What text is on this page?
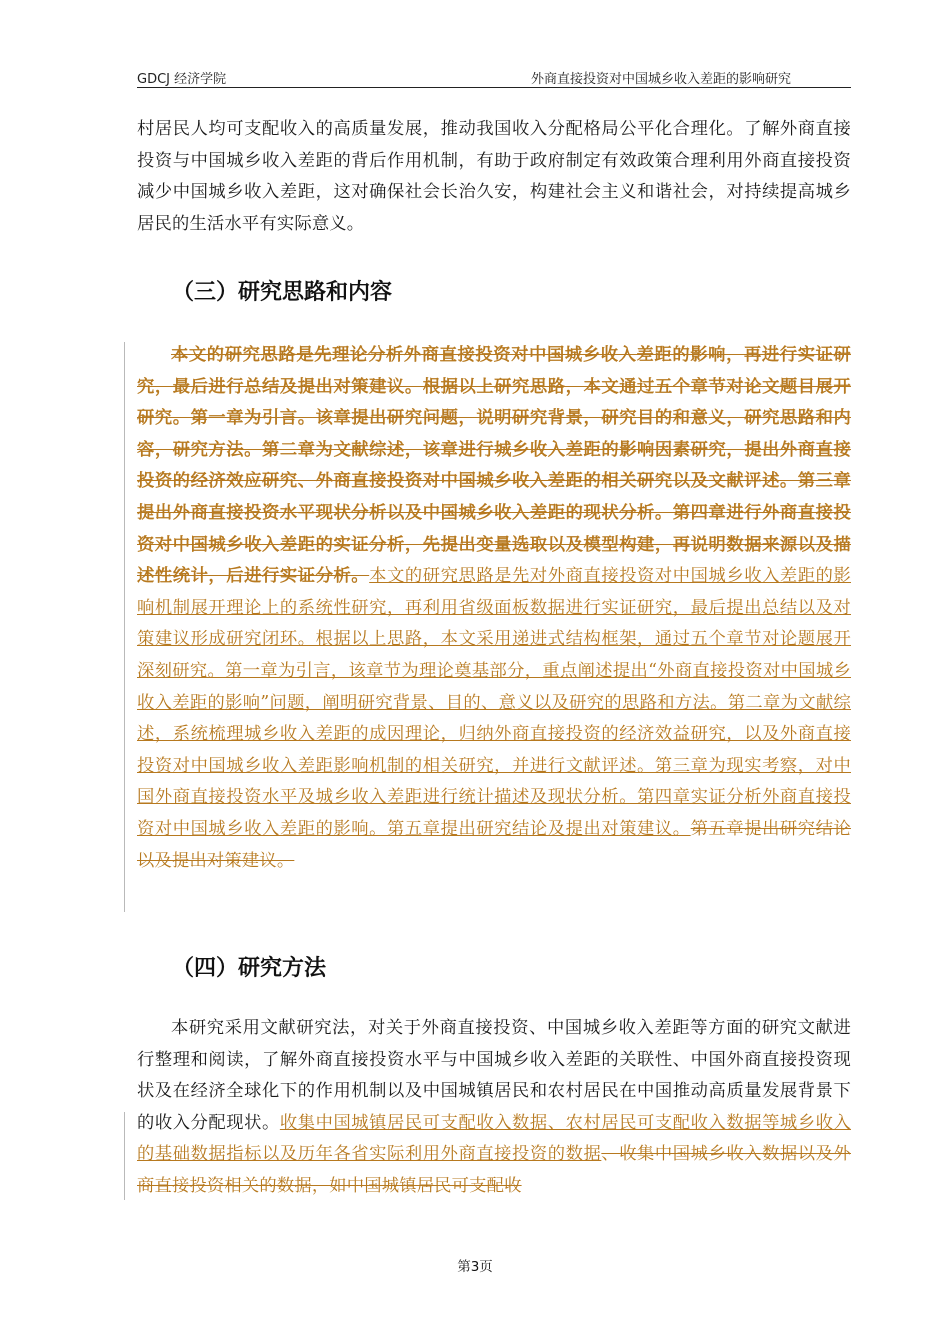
GDCJ 经济学院	外商直接投资对中国城乡收入差距的影响研究

村居民人均可支配收入的高质量发展，推动我国收入分配格局公平化合理化。了解外商直接投资与中国城乡收入差距的背后作用机制，有助于政府制定有效政策合理利用外商直接投资减少中国城乡收入差距，这对确保社会长治久安，构建社会主义和谐社会，对持续提高城乡居民的生活水平有实际意义。

（三）研究思路和内容

本文的研究思路是先理论分析外商直接投资对中国城乡收入差距的影响，再进行实证研究，最后进行总结及提出对策建议。根据以上研究思路，本文通过五个章节对论文题目展开研究。第一章为引言。该章提出研究问题，说明研究背景，研究目的和意义，研究思路和内容，研究方法。第二章为文献综述，该章进行城乡收入差距的影响因素研究，提出外商直接投资的经济效应研究、外商直接投资对中国城乡收入差距的相关研究以及文献评述。第三章提出外商直接投资水平现状分析以及中国城乡收入差距的现状分析。第四章进行外商直接投资对中国城乡收入差距的实证分析，先提出变量选取以及模型构建，再说明数据来源以及描述性统计，后进行实证分析。本文的研究思路是先对外商直接投资对中国城乡收入差距的影响机制展开理论上的系统性研究，再利用省级面板数据进行实证研究，最后提出总结以及对策建议形成研究闭环。根据以上思路，本文采用递进式结构框架，通过五个章节对论题展开深刻研究。第一章为引言，该章节为理论奠基部分，重点阐述提出“外商直接投资对中国城乡收入差距的影响”问题，阐明研究背景、目的、意义以及研究的思路和方法。第二章为文献综述，系统梳理城乡收入差距的成因理论，归纳外商直接投资的经济效益研究，以及外商直接投资对中国城乡收入差距影响机制的相关研究，并进行文献评述。第三章为现实考察，对中国外商直接投资水平及城乡收入差距进行统计描述及现状分析。第四章实证分析外商直接投资对中国城乡收入差距的影响。第五章提出研究结论及提出对策建议。第五章提出研究结论以及提出对策建议。

（四）研究方法

本研究采用文献研究法，对关于外商直接投资、中国城乡收入差距等方面的研究文献进行整理和阅读，了解外商直接投资水平与中国城乡收入差距的关联性、中国外商直接投资现状及在经济全球化下的作用机制以及中国城镇居民和农村居民在中国推动高质量发展背景下的收入分配现状。收集中国城镇居民可支配收入数据、农村居民可支配收入数据等城乡收入的基础数据指标以及历年各省实际利用外商直接投资的数据、收集中国城乡收入数据以及外商直接投资相关的数据，如中国城镇居民可支配收

第3页
